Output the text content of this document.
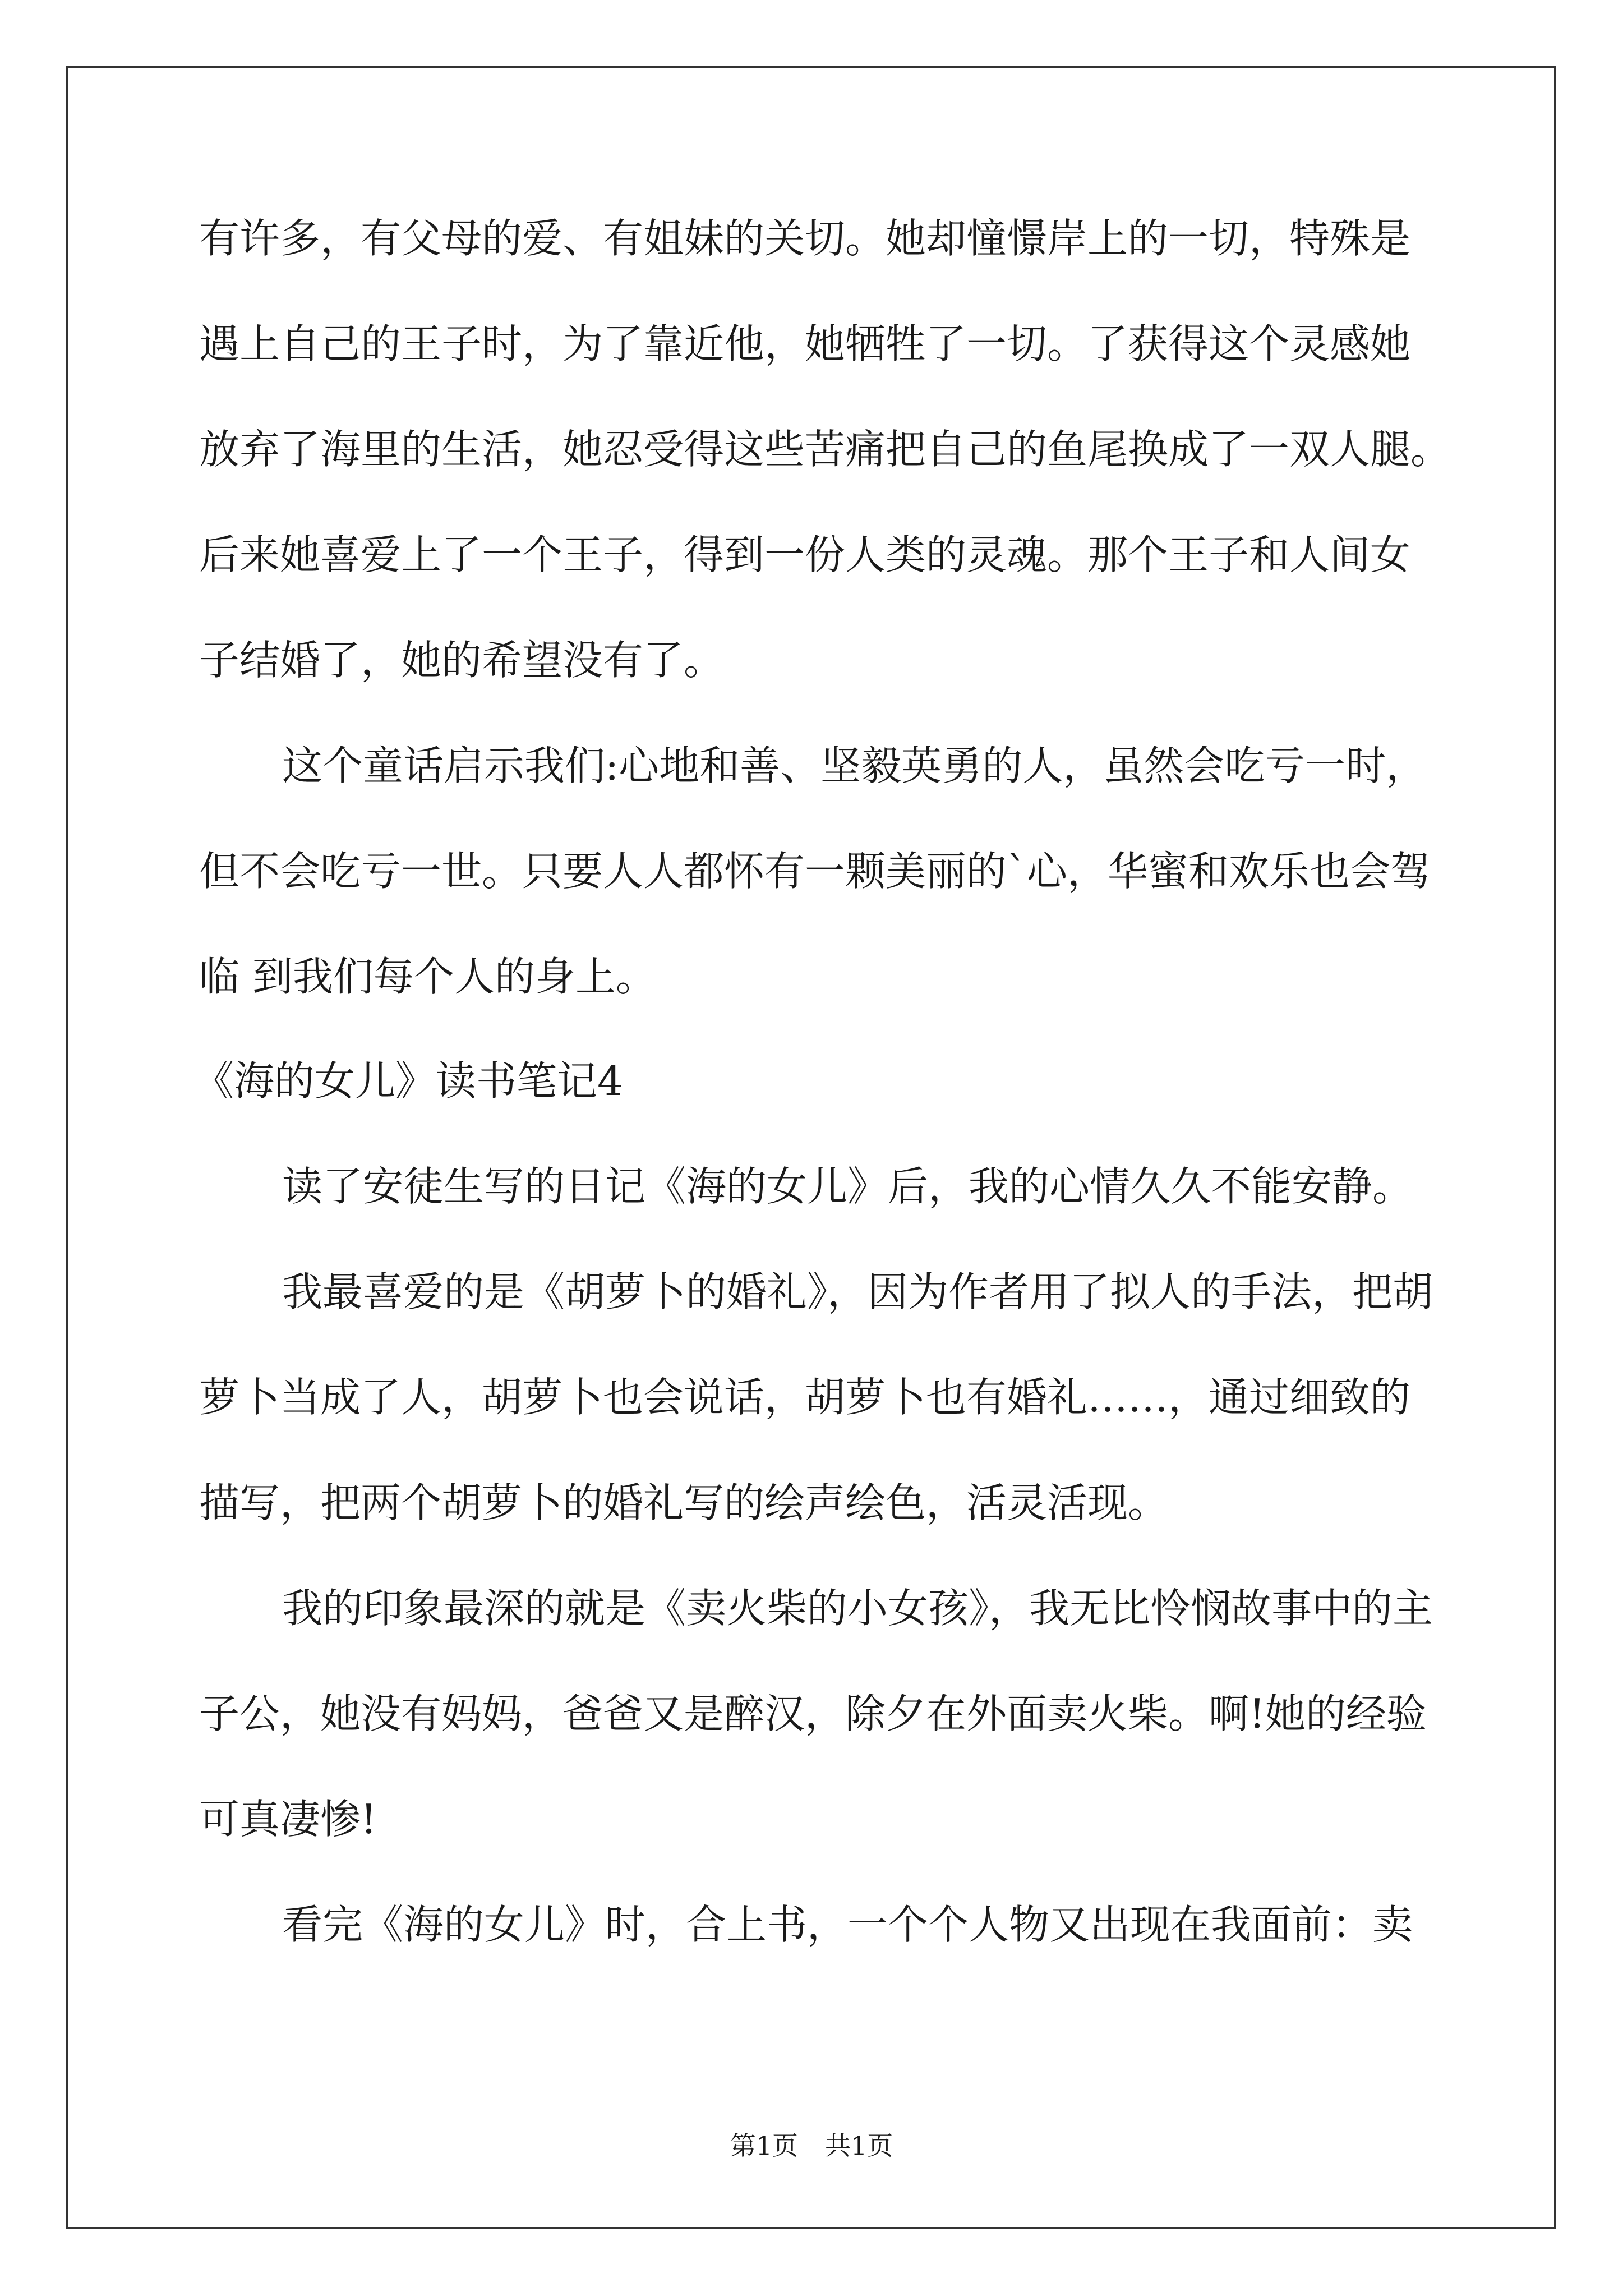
有许多，有父母的爱、有姐妹的关切。她却憧憬岸上的一切，特殊是
遇上自己的王子时，为了靠近他，她牺牲了一切。了获得这个灵感她
放弃了海里的生活，她忍受得这些苦痛把自己的鱼尾换成了一双人腿。
后来她喜爱上了一个王子，得到一份人类的灵魂。那个王子和人间女
子结婚了，她的希望没有了。
这个童话启示我们:心地和善、坚毅英勇的人，虽然会吃亏一时，
但不会吃亏一世。只要人人都怀有一颗美丽的`心，华蜜和欢乐也会驾
临 到我们每个人的身上。
《海的女儿》读书笔记4
读了安徒生写的日记《海的女儿》后，我的心情久久不能安静。
我最喜爱的是《胡萝卜的婚礼》，因为作者用了拟人的手法，把胡
萝卜当成了人，胡萝卜也会说话，胡萝卜也有婚礼……，通过细致的
描写，把两个胡萝卜的婚礼写的绘声绘色，活灵活现。
我的印象最深的就是《卖火柴的小女孩》，我无比怜悯故事中的主
子公，她没有妈妈，爸爸又是醉汉，除夕在外面卖火柴。啊!她的经验
可真凄惨!
看完《海的女儿》时，合上书，一个个人物又出现在我面前：卖
第1页 共1页
